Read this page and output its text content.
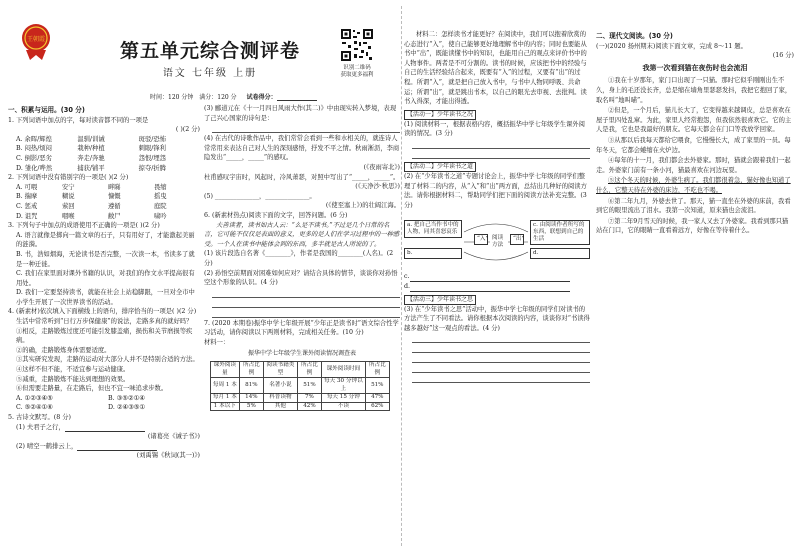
王朝霞
第五单元综合测评卷
语文 七年级 上册	识别二维码
获取更多福利
时间：120 分钟 满分：120 分 试卷得分：
一、积累与运用。(30 分)
1. 下列词语中加点的字，每对读音都不同的一项是
( )(2 分)
A. 余晖/辉煌	温驯/训诫	斑驳/恐怖
B. 闷热/烦闷	栽种/种植	刺眼/锋利
C. 倒影/恶劣	奔走/奔驰	怨恨/埋怨
D. 雏化/哗然	捕获/铺平	掠夺/折腾
2. 下列词语中没有错别字的一项是( )(2 分)
A. 可喂	安宁	畔睇	畏缩
B. 揣摩	糊说	慷慨	摇曳
C. 惩戒	萦回	遵循	庭院
D. 诅咒	咽喉	敝尸	啸吟
3. 下列句子中加点的成语使用不正确的一项是( )(2 分)
A. 语言就像是掷向一篇文章的石子，只有用好了，才能激起美丽的涟漪。
B. 书，浩如烟海，无论读书是否完整，一次读一本，书读多了就是一种迁徙。
C. 我们在家里面对课外书籍的认识，对我们的作文水平提高很有用处。
D. 我们一定要坚持读书，就能在社会上站稳脚跟，一旦对全市中小学生开展了一次世界读书的活动。
4. (新素材)依次填入下面横线上的语句，排序恰当的一项是( )(2 分)
生活中常常听到“日行万步保健康”的说法，走路多真的就好吗？
①相反，走路锻炼过度还可能引发膝盖痛，损伤和关节磨损等疾病。
②的确，走路锻炼身体需要适度。
③其实研究发现，走路的运动对大部分人并不是特别合适的方法。
④这样不但不能，不适宜参与运动健康。
⑤减重，走路锻炼不能达到理想的效果。
⑥但需要走路量，在走路后，但也不宜一味追求步数。
A. ①②③④⑤	B. ③⑤②①④
C. ⑤②④①⑥	D. ②④③⑤①
5. 古诗文默写。(8 分)
(1) 夫君子之行，
(诸葛亮《诫子书》)
(2) 晴空一鹤排云上，
(刘禹锡《秋词(其一)》)
(3) 郦道元在《十一月四日风雨大作(其二)》中由现实转入梦境，表现了己兴心国家的诗句是：
(4) 在古代的诗歌作品中，我们常常会看到一些和水相关的，就连诗人常常用来表达自己对人生的深刻感悟，抒发不平之情。秋雨淅沥，李商隐发出“_____，_____”的感叹。
(《夜雨寄北》)
杜甫感叹宇宙时，风起时，冷风萧瑟，对照中写出了“_____，_____”。
(《天净沙·秋思》)
(5) ______________，______________。
(《使至塞上》)的壮阔江海。
6. (新素材热点)阅读下面的文字，回答问题。(6 分)
夫善读者，读书如古人云：“么是不读书。”不过是几个日常的名言，它可能不仅仅是表面的意义，更多的是人们在学习过程中的一种感受。一个人在读书中能体会到的东西，多半就是古人所说的了。
(1) 该片段选自名著《________》，作者是我国的________(人名)。(2 分)
(2) 孙悟空前期面对困难如何应对？请结合具体的情节，谈谈你对孙悟空这个形象的认识。(4 分)
7. (2020 本期卷)振华中学七年级开展“少年正是读书时”语文综合性学习活动，请你阅读以下两则材料，完成相关任务。(10 分)
材料一：
振华中学七年级学生课外阅读情况调查表
课外阅读量	所占比例	阅读书籍类型	所占比例	课外阅读时间	所占比例
每周 1 本	81%	名著小说	51%	每天 30 分钟以上	51%
每月 1 本	14%	科普读物	7%	每天 15 分钟	47%
1 本以下	5%	其他	42%	不读	62%
材料二：怎样读书才能更好？在阅读中，我们可以抱着欣赏的心态进行“入”，使自己能够更好地理解书中的内容；同时也要能从书中“出”，既能读懂书中的知识，也能用自己的观点来评价书中的人物事件。两者是不可分割的。读书的时候，应该把书中的经验与自己的生活经验结合起来，既要有“入”的过程，又要有“出”的过程。所谓“入”，就是把自己放入书中，与书中人物同呼吸、共命运；所谓“出”，就是跳出书本，以自己的眼光去审视、去批判。读书入得深，才能出得透。
【活动一】少年读书之况
(1) 阅读材料一，根据表格内容，概括振华中学七年级学生课外阅读的情况。(3 分)
【活动二】少年读书之道
(2) 在“少年读书之道”专题讨论会上，振华中学七年级的同学们整理了材料二的内容，从“入”和“出”两方面，总结出几种好的阅读方法。请你根据材料二，帮助同学们把下面的阅读方法补充完整。(3 分)
a. 把自己当作书中的人物，同其喜怒哀乐
b.
“入” 阅读方法
“出”
c. 由阅读作者所写的东西，联想到自己的生活
d.
c.
d.
【活动三】少年读书之思
(3) 在“少年读书之思”活动中，振华中学七年级的同学们对读书的方法产生了不同看法。请你根据本次阅读的内容，谈谈你对“书读得越多越好”这一观点的看法。(4 分)
二、现代文阅读。(30 分)
(一)(2020 扬州期末)阅读下面文章，完成 8～11 题。
(16 分)
我第一次看到猫在夜伤时也会流泪
①我在十岁那年，家门口出现了一只猫。那时它似乎刚刚出生不久，身上的毛还没长齐，总是缩在墙角里瑟瑟发抖，我把它抱回了家，取名叫“地叫喵”。
②但是，一个月后，猫儿长大了，它变得越来越调皮，总是喜欢在屋子里四处乱窜。为此，家里人经常抱怨，但我依然很喜欢它。它的主人是我，它也是我最好的朋友。它每天都会在门口等我放学回家。
③从那以后我每天都给它喂食，它慢慢长大，成了家里的一员。每年冬天，它都会蜷缩在火炉边。
④每年的十一月，我们都会去外婆家。那时，猫就会跟着我们一起走。外婆家门前有一条小河，猫最喜欢在河边玩耍。
⑤这个冬天的时候，外婆生病了。我们都很着急，猫好像也知道了什么，它整天待在外婆的床边，不吃也不喝。
⑥第二年九月，外婆去世了。那天，猫一直坐在外婆的床前，我看到它的眼里流出了泪水。我第一次知道，原来猫也会流泪。
⑦第二年9月雪天的时候，我一家人又去了外婆家。我看到那只猫站在门口，它的眼睛一直看着远方，好像在等待着什么。
